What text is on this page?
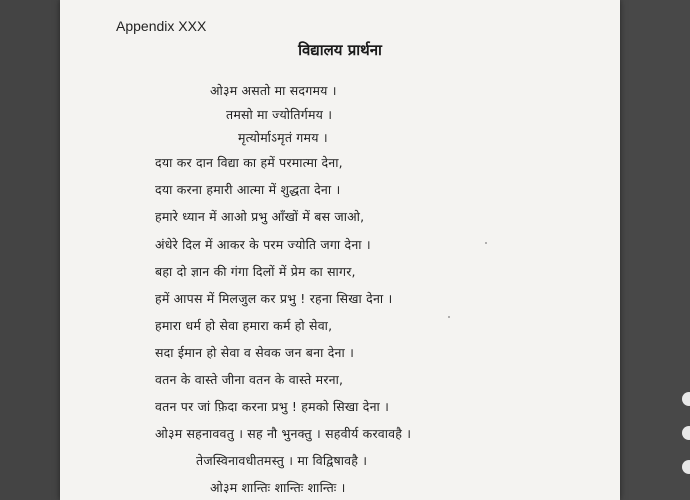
Appendix XXX
विद्यालय प्रार्थना
ओ३म असतो मा सदगमय ।
तमसो मा ज्योतिर्गमय ।
मृत्योर्माऽमृतं गमय ।
दया कर दान विद्या का हमें परमात्मा देना,
दया करना हमारी आत्मा में शुद्धता देना ।
हमारे ध्यान में आओ प्रभु आँखों में बस जाओ,
अंधेरे दिल में आकर के परम ज्योति जगा देना ।
बहा दो ज्ञान की गंगा दिलों में प्रेम का सागर,
हमें आपस में मिलजुल कर प्रभु ! रहना सिखा देना ।
हमारा धर्म हो सेवा हमारा कर्म हो सेवा,
सदा ईमान हो सेवा व सेवक जन बना देना ।
वतन के वास्ते जीना वतन के वास्ते मरना,
वतन पर जां फ़िदा करना प्रभु ! हमको सिखा देना ।
ओ३म सहनाववतु । सह नौ भुनक्तु । सहवीर्य करवावहै ।
तेजस्विनावधीतमस्तु । मा विद्विषावहै ।
ओ३म शान्तिः शान्तिः शान्तिः ।
